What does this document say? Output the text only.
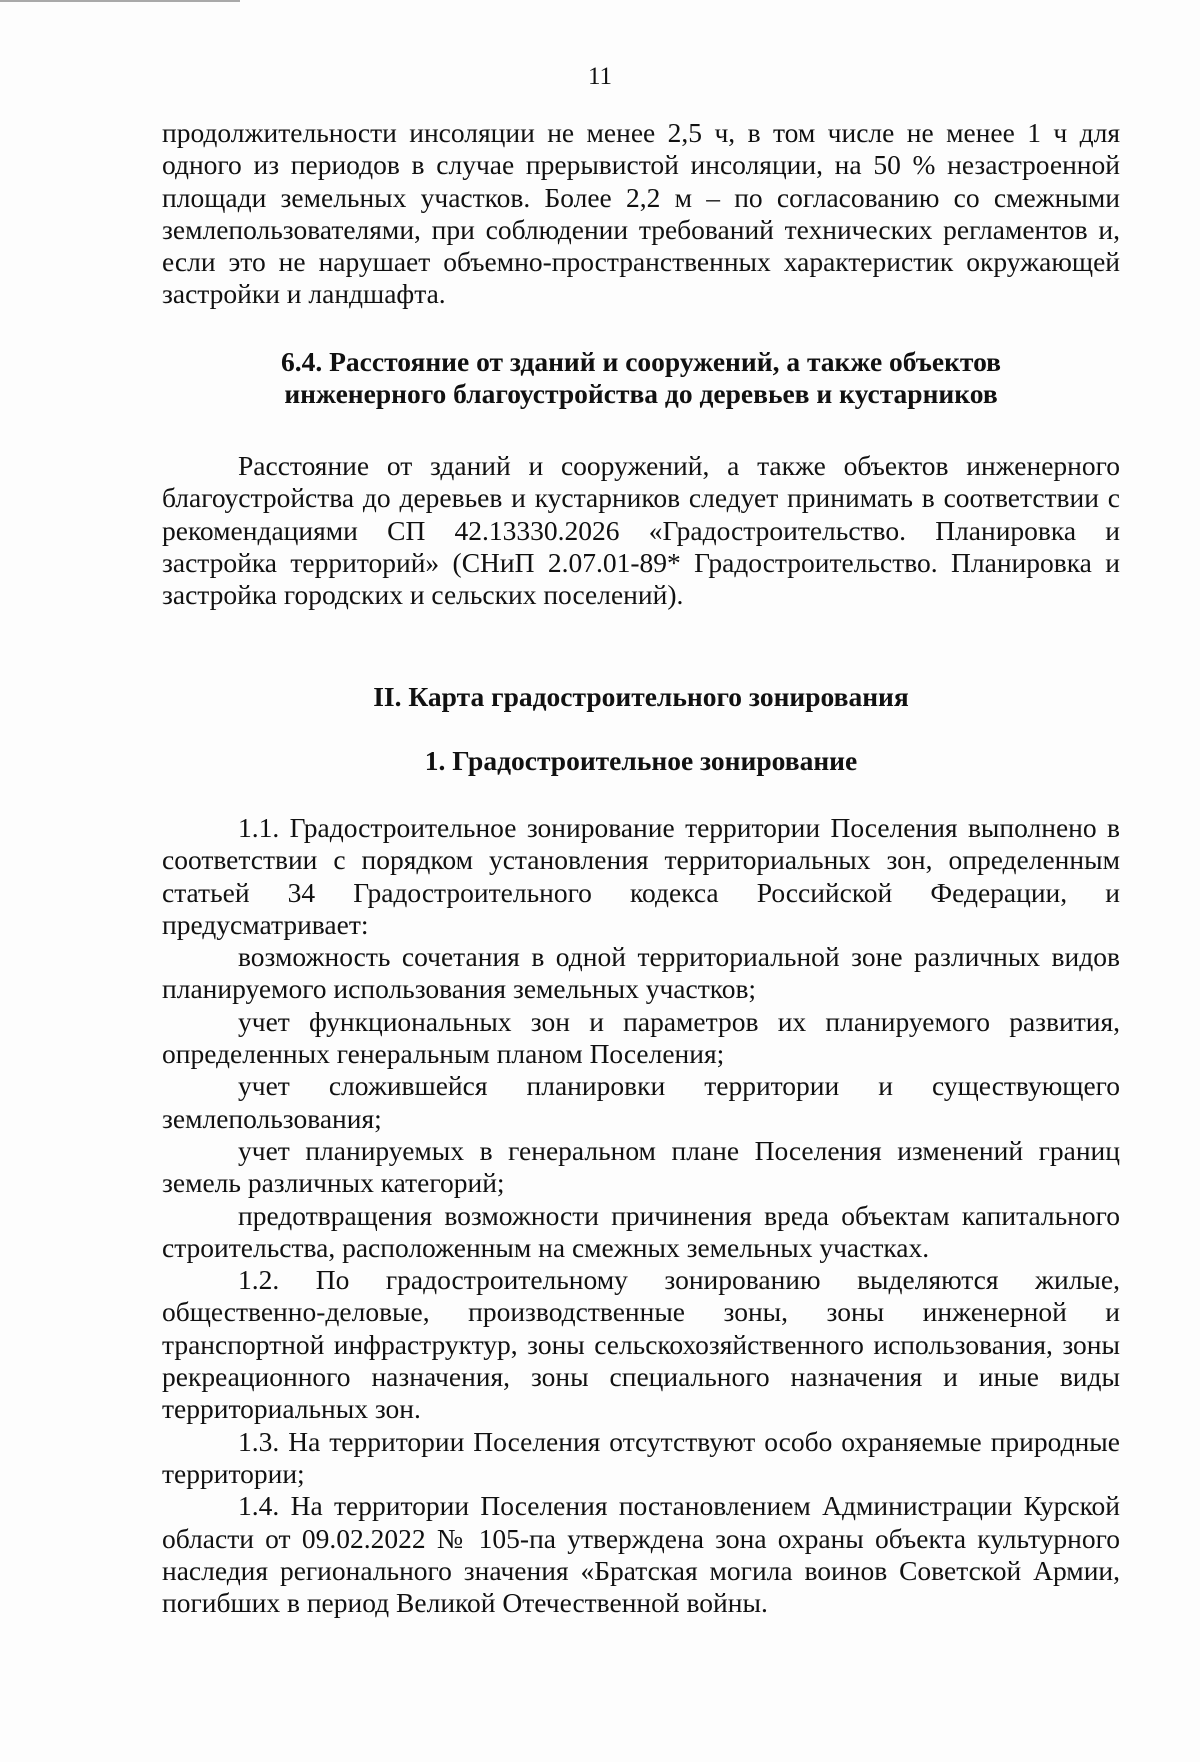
11

продолжительности инсоляции не менее 2,5 ч, в том числе не менее 1 ч для одного из периодов в случае прерывистой инсоляции, на 50 % незастроенной площади земельных участков. Более 2,2 м – по согласованию со смежными землепользователями, при соблюдении требований технических регламентов и, если это не нарушает объемно-пространственных характеристик окружающей застройки и ландшафта.

6.4. Расстояние от зданий и сооружений, а также объектов
инженерного благоустройства до деревьев и кустарников

Расстояние от зданий и сооружений, а также объектов инженерного благоустройства до деревьев и кустарников следует принимать в соответствии с рекомендациями СП 42.13330.2026 «Градостроительство. Планировка и застройка территорий» (СНиП 2.07.01-89* Градостроительство. Планировка и застройка городских и сельских поселений).

II. Карта градостроительного зонирования
1. Градостроительное зонирование

1.1. Градостроительное зонирование территории Поселения выполнено в соответствии с порядком установления территориальных зон, определенным статьей 34 Градостроительного кодекса Российской Федерации, и предусматривает:

возможность сочетания в одной территориальной зоне различных видов планируемого использования земельных участков;

учет функциональных зон и параметров их планируемого развития, определенных генеральным планом Поселения;

учет сложившейся планировки территории и существующего землепользования;

учет планируемых в генеральном плане Поселения изменений границ земель различных категорий;

предотвращения возможности причинения вреда объектам капитального строительства, расположенным на смежных земельных участках.

1.2. По градостроительному зонированию выделяются жилые, общественно-деловые, производственные зоны, зоны инженерной и транспортной инфраструктур, зоны сельскохозяйственного использования, зоны рекреационного назначения, зоны специального назначения и иные виды территориальных зон.

1.3. На территории Поселения отсутствуют особо охраняемые природные территории;

1.4. На территории Поселения постановлением Администрации Курской области от 09.02.2022 № 105-па утверждена зона охраны объекта культурного наследия регионального значения «Братская могила воинов Советской Армии, погибших в период Великой Отечественной войны.
